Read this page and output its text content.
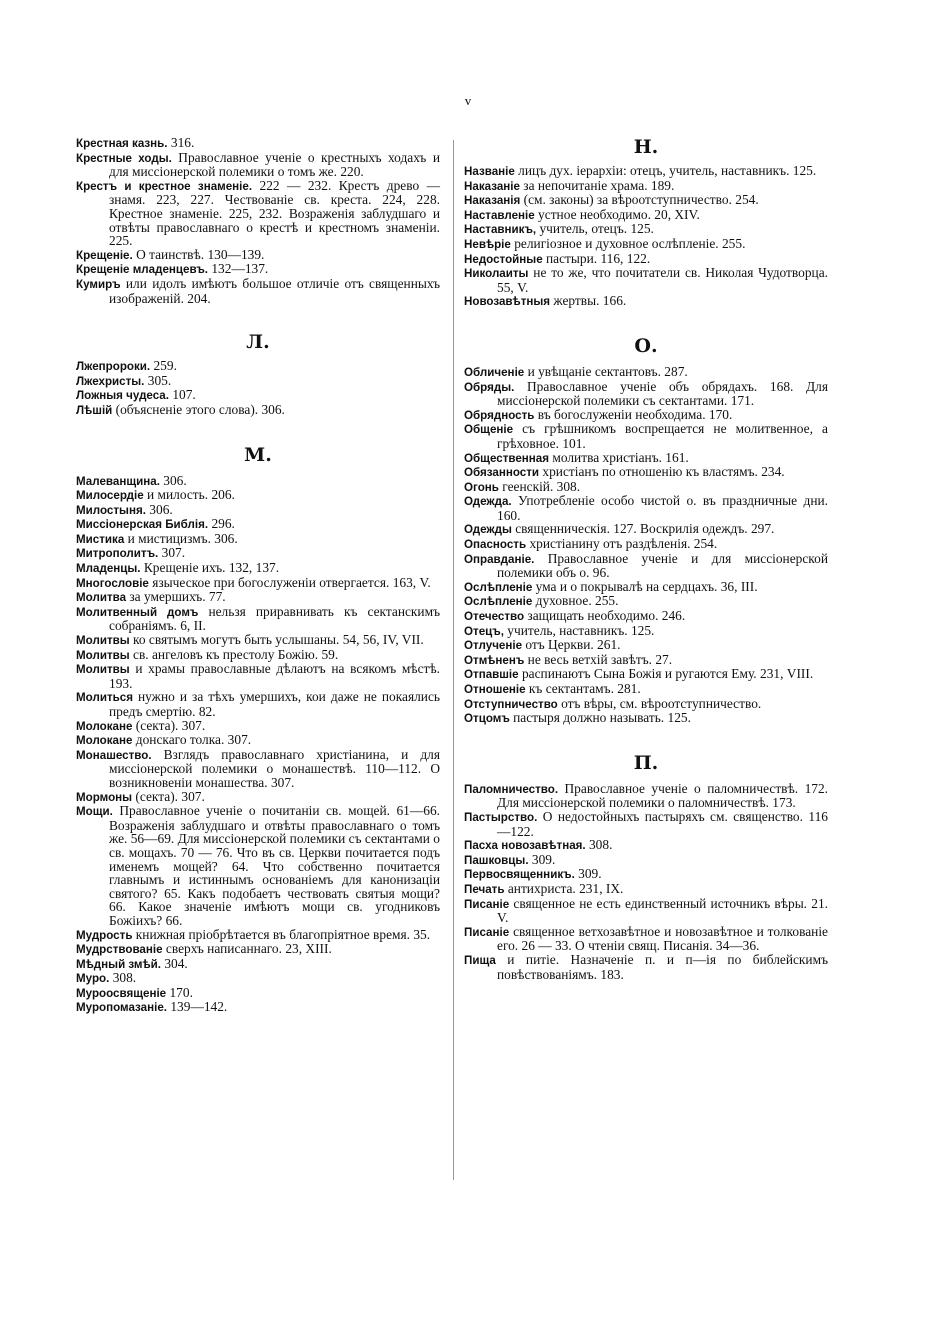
v

Крестная казнь. 316.

Крестные ходы. Православное ученіе о крестныхъ ходахъ и для миссіонерской полемики о томъ же. 220.

Крестъ и крестное знаменіе. 222 — 232. Крестъ древо — знамя. 223, 227. Чествованіе св. креста. 224, 228. Крестное знаменіе. 225, 232. Возраженія заблудшаго и отвѣты православнаго о крестѣ и крестномъ знаменіи. 225.

Крещеніе. О таинствѣ. 130—139.

Крещеніе младенцевъ. 132—137.

Кумиръ или идолъ имѣютъ большое отличіе отъ священныхъ изображеній. 204.

Л.

Лжепророки. 259.

Лжехристы. 305.

Ложныя чудеса. 107.

Лѣшій (объясненіе этого слова). 306.

М.

Малеванщина. 306.

Милосердіе и милость. 206.

Милостыня. 306.

Миссіонерская Библія. 296.

Мистика и мистицизмъ. 306.

Митрополитъ. 307.

Младенцы. Крещеніе ихъ. 132, 137.

Многословіе языческое при богослуженіи отвергается. 163, V.

Молитва за умершихъ. 77.

Молитвенный домъ нельзя приравнивать къ сектанскимъ собраніямъ. 6, II.

Молитвы ко святымъ могутъ быть услышаны. 54, 56, IV, VII.

Молитвы св. ангеловъ къ престолу Божію. 59.

Молитвы и храмы православные дѣлаютъ на всякомъ мѣстѣ. 193.

Молиться нужно и за тѣхъ умершихъ, кои даже не покаялись предъ смертію. 82.

Молокане (секта). 307.

Молокане донскаго толка. 307.

Монашество. Взглядъ православнаго христіанина, и для миссіонерской полемики о монашествѣ. 110—112. О возникновеніи монашества. 307.

Мормоны (секта). 307.

Мощи. Православное ученіе о почитаніи св. мощей. 61—66. Возраженія заблудшаго и отвѣты православнаго о томъ же. 56—69. Для миссіонерской полемики съ сектантами о св. мощахъ. 70 — 76. Что въ св. Церкви почитается подъ именемъ мощей? 64. Что собственно почитается главнымъ и истиннымъ основаніемъ для канонизаціи святого? 65. Какъ подобаетъ чествовать святыя мощи? 66. Какое значеніе имѣютъ мощи св. угодниковъ Божіихъ? 66.

Мудрость книжная пріобрѣтается въ благопріятное время. 35.

Мудрствованіе сверхъ написаннаго. 23, XIII.

Мѣдный змѣй. 304.

Муро. 308.

Муроосвященіе 170.

Муропомазаніе. 139—142.

Н.

Названіе лицъ дух. іерархіи: отецъ, учитель, наставникъ. 125.

Наказаніе за непочитаніе храма. 189.

Наказанія (см. законы) за вѣроотступничество. 254.

Наставленіе устное необходимо. 20, XIV.

Наставникъ, учитель, отецъ. 125.

Невѣріе религіозное и духовное ослѣпленіе. 255.

Недостойные пастыри. 116, 122.

Николаиты не то же, что почитатели св. Николая Чудотворца. 55, V.

Новозавѣтныя жертвы. 166.

О.

Обличеніе и увѣщаніе сектантовъ. 287.

Обряды. Православное ученіе объ обрядахъ. 168. Для миссіонерской полемики съ сектантами. 171.

Обрядность въ богослуженіи необходима. 170.

Общеніе съ грѣшникомъ воспрещается не молитвенное, а грѣховное. 101.

Общественная молитва христіанъ. 161.

Обязанности христіанъ по отношенію къ властямъ. 234.

Огонь геенскій. 308.

Одежда. Употребленіе особо чистой о. въ праздничные дни. 160.

Одежды священническія. 127. Воскрилія одеждъ. 297.

Опасность христіанину отъ раздѣленія. 254.

Оправданіе. Православное ученіе и для миссіонерской полемики объ о. 96.

Ослѣпленіе ума и о покрывалѣ на сердцахъ. 36, III.

Ослѣпленіе духовное. 255.

Отечество защищать необходимо. 246.

Отецъ, учитель, наставникъ. 125.

Отлученіе отъ Церкви. 261.

Отмѣненъ не весь ветхій завѣтъ. 27.

Отпавшіе распинаютъ Сына Божія и ругаются Ему. 231, VIII.

Отношеніе къ сектантамъ. 281.

Отступничество отъ вѣры, см. вѣроотступничество.

Отцомъ пастыря должно называть. 125.

П.

Паломничество. Православное ученіе о паломничествѣ. 172. Для миссіонерской полемики о паломничествѣ. 173.

Пастырство. О недостойныхъ пастыряхъ см. священство. 116—122.

Пасха новозавѣтная. 308.

Пашковцы. 309.

Первосвященникъ. 309.

Печать антихриста. 231, IX.

Писаніе священное не есть единственный источникъ вѣры. 21. V.

Писаніе священное ветхозавѣтное и новозавѣтное и толкованіе его. 26 — 33. О чтеніи свящ. Писанія. 34—36.

Пища и питіе. Назначеніе п. и п—ія по библейскимъ повѣствованіямъ. 183.
